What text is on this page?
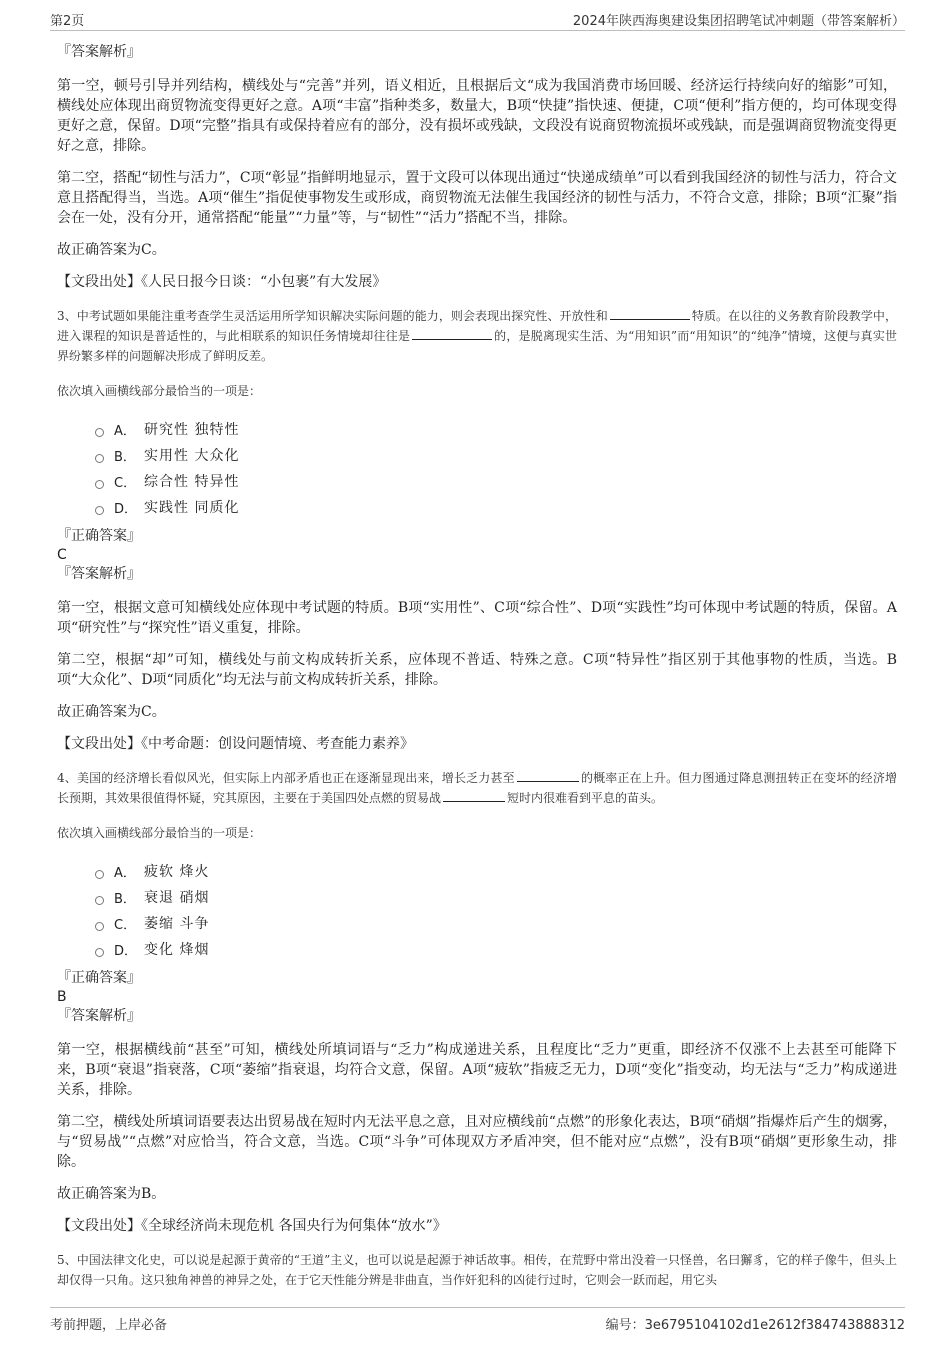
第2页	2024年陕西海奥建设集团招聘笔试冲刺题（带答案解析）

『答案解析』

第一空，顿号引导并列结构，横线处与“完善”并列，语义相近，且根据后文“成为我国消费市场回暖、经济运行持续向好的缩影”可知，横线处应体现出商贸物流变得更好之意。A项“丰富”指种类多，数量大，B项“快捷”指快速、便捷，C项“便利”指方便的，均可体现变得更好之意，保留。D项“完整”指具有或保持着应有的部分，没有损坏或残缺，文段没有说商贸物流损坏或残缺，而是强调商贸物流变得更好之意，排除。

第二空，搭配“韧性与活力”，C项“彰显”指鲜明地显示，置于文段可以体现出通过“快递成绩单”可以看到我国经济的韧性与活力，符合文意且搭配得当，当选。A项“催生”指促使事物发生或形成，商贸物流无法催生我国经济的韧性与活力，不符合文意，排除；B项“汇聚”指会在一处，没有分开，通常搭配“能量”“力量”等，与“韧性”“活力”搭配不当，排除。

故正确答案为C。

【文段出处】《人民日报今日谈：“小包裹”有大发展》

3、中考试题如果能注重考查学生灵活运用所学知识解决实际问题的能力，则会表现出探究性、开放性和	特质。在以往的义务教育阶段教学中，进入课程的知识是普适性的，与此相联系的知识任务情境却往往是	的，是脱离现实生活、为“用知识”而“用知识”的“纯净”情境，这便与真实世界纷繁多样的问题解决形成了鲜明反差。

依次填入画横线部分最恰当的一项是：

A． 研究性 独特性
B． 实用性 大众化
C． 综合性 特异性
D． 实践性 同质化

『正确答案』

C

『答案解析』

第一空，根据文意可知横线处应体现中考试题的特质。B项“实用性”、C项“综合性”、D项“实践性”均可体现中考试题的特质，保留。A项“研究性”与“探究性”语义重复，排除。

第二空，根据“却”可知，横线处与前文构成转折关系，应体现不普适、特殊之意。C项“特异性”指区别于其他事物的性质，当选。B项“大众化”、D项“同质化”均无法与前文构成转折关系，排除。

故正确答案为C。

【文段出处】《中考命题：创设问题情境、考查能力素养》

4、美国的经济增长看似风光，但实际上内部矛盾也正在逐渐显现出来，增长乏力甚至	的概率正在上升。但力图通过降息测扭转正在变坏的经济增长预期，其效果很值得怀疑，究其原因，主要在于美国四处点燃的贸易战	短时内很难看到平息的苗头。

依次填入画横线部分最恰当的一项是：

A． 疲软 烽火
B． 衰退 硝烟
C． 萎缩 斗争
D． 变化 烽烟

『正确答案』

B

『答案解析』

第一空，根据横线前“甚至”可知，横线处所填词语与“乏力”构成递进关系，且程度比“乏力”更重，即经济不仅涨不上去甚至可能降下来，B项“衰退”指衰落，C项“萎缩”指衰退，均符合文意，保留。A项“疲软”指疲乏无力，D项“变化”指变动，均无法与“乏力”构成递进关系，排除。

第二空，横线处所填词语要表达出贸易战在短时内无法平息之意，且对应横线前“点燃”的形象化表达，B项“硝烟”指爆炸后产生的烟雾，与“贸易战”“点燃”对应恰当，符合文意，当选。C项“斗争”可体现双方矛盾冲突，但不能对应“点燃”，没有B项“硝烟”更形象生动，排除。

故正确答案为B。

【文段出处】《全球经济尚未现危机 各国央行为何集体“放水”》

5、中国法律文化史，可以说是起源于黄帝的“王道”主义，也可以说是起源于神话故事。相传，在荒野中常出没着一只怪兽，名曰獬豸，它的样子像牛，但头上却仅得一只角。这只独角神兽的神异之处，在于它天性能分辨是非曲直，当作奸犯科的凶徒行过时，它则会一跃而起，用它头

考前押题，上岸必备	编号：3e6795104102d1e2612f384743888312
